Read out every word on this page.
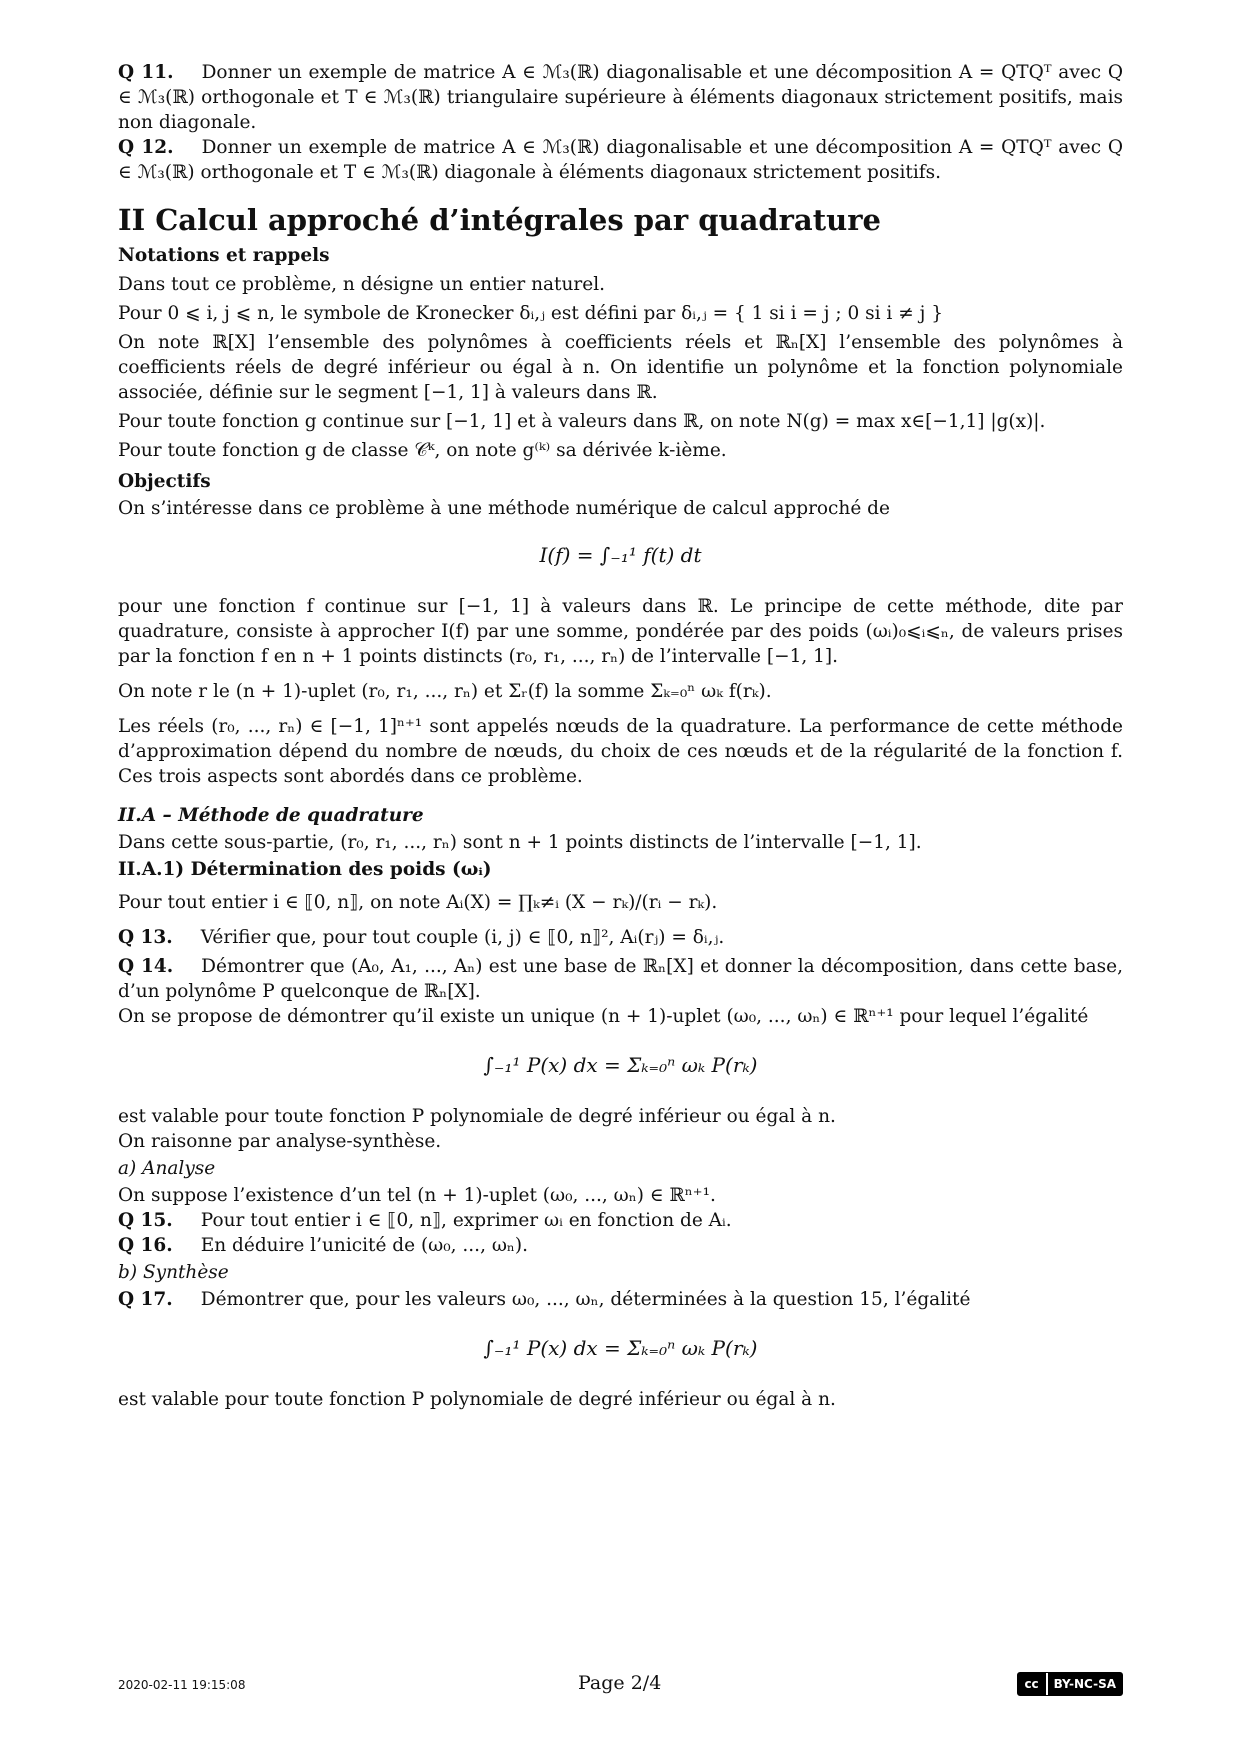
Q 11. Donner un exemple de matrice A ∈ ℳ₃(ℝ) diagonalisable et une décomposition A = QTQᵀ avec Q ∈ ℳ₃(ℝ) orthogonale et T ∈ ℳ₃(ℝ) triangulaire supérieure à éléments diagonaux strictement positifs, mais non diagonale.

Q 12. Donner un exemple de matrice A ∈ ℳ₃(ℝ) diagonalisable et une décomposition A = QTQᵀ avec Q ∈ ℳ₃(ℝ) orthogonale et T ∈ ℳ₃(ℝ) diagonale à éléments diagonaux strictement positifs.

II Calcul approché d’intégrales par quadrature
Notations et rappels

Dans tout ce problème, n désigne un entier naturel.

Pour 0 ⩽ i, j ⩽ n, le symbole de Kronecker δᵢ,ⱼ est défini par δᵢ,ⱼ = { 1 si i = j ; 0 si i ≠ j }

On note ℝ[X] l’ensemble des polynômes à coefficients réels et ℝₙ[X] l’ensemble des polynômes à coefficients réels de degré inférieur ou égal à n. On identifie un polynôme et la fonction polynomiale associée, définie sur le segment [−1, 1] à valeurs dans ℝ.

Pour toute fonction g continue sur [−1, 1] et à valeurs dans ℝ, on note N(g) = max x∈[−1,1] |g(x)|.

Pour toute fonction g de classe 𝒞ᵏ, on note g⁽ᵏ⁾ sa dérivée k-ième.

Objectifs

On s’intéresse dans ce problème à une méthode numérique de calcul approché de

I(f) = ∫₋₁¹ f(t) dt

pour une fonction f continue sur [−1, 1] à valeurs dans ℝ. Le principe de cette méthode, dite par quadrature, consiste à approcher I(f) par une somme, pondérée par des poids (ωᵢ)₀⩽ᵢ⩽ₙ, de valeurs prises par la fonction f en n + 1 points distincts (r₀, r₁, ..., rₙ) de l’intervalle [−1, 1].

On note r le (n + 1)-uplet (r₀, r₁, ..., rₙ) et Σᵣ(f) la somme Σₖ₌₀ⁿ ωₖ f(rₖ).

Les réels (r₀, ..., rₙ) ∈ [−1, 1]ⁿ⁺¹ sont appelés nœuds de la quadrature. La performance de cette méthode d’approximation dépend du nombre de nœuds, du choix de ces nœuds et de la régularité de la fonction f. Ces trois aspects sont abordés dans ce problème.

II.A – Méthode de quadrature

Dans cette sous-partie, (r₀, r₁, ..., rₙ) sont n + 1 points distincts de l’intervalle [−1, 1].

II.A.1) Détermination des poids (ωᵢ)

Pour tout entier i ∈ ⟦0, n⟧, on note Aᵢ(X) = ∏ₖ≠ᵢ (X − rₖ)/(rᵢ − rₖ).

Q 13. Vérifier que, pour tout couple (i, j) ∈ ⟦0, n⟧², Aᵢ(rⱼ) = δᵢ,ⱼ.

Q 14. Démontrer que (A₀, A₁, ..., Aₙ) est une base de ℝₙ[X] et donner la décomposition, dans cette base, d’un polynôme P quelconque de ℝₙ[X].

On se propose de démontrer qu’il existe un unique (n + 1)-uplet (ω₀, ..., ωₙ) ∈ ℝⁿ⁺¹ pour lequel l’égalité

∫₋₁¹ P(x) dx = Σₖ₌₀ⁿ ωₖ P(rₖ)

est valable pour toute fonction P polynomiale de degré inférieur ou égal à n.

On raisonne par analyse-synthèse.

a) Analyse

On suppose l’existence d’un tel (n + 1)-uplet (ω₀, ..., ωₙ) ∈ ℝⁿ⁺¹.

Q 15. Pour tout entier i ∈ ⟦0, n⟧, exprimer ωᵢ en fonction de Aᵢ.

Q 16. En déduire l’unicité de (ω₀, ..., ωₙ).

b) Synthèse

Q 17. Démontrer que, pour les valeurs ω₀, ..., ωₙ, déterminées à la question 15, l’égalité

∫₋₁¹ P(x) dx = Σₖ₌₀ⁿ ωₖ P(rₖ)

est valable pour toute fonction P polynomiale de degré inférieur ou égal à n.

2020-02-11 19:15:08	Page 2/4	cc	BY-NC-SA
